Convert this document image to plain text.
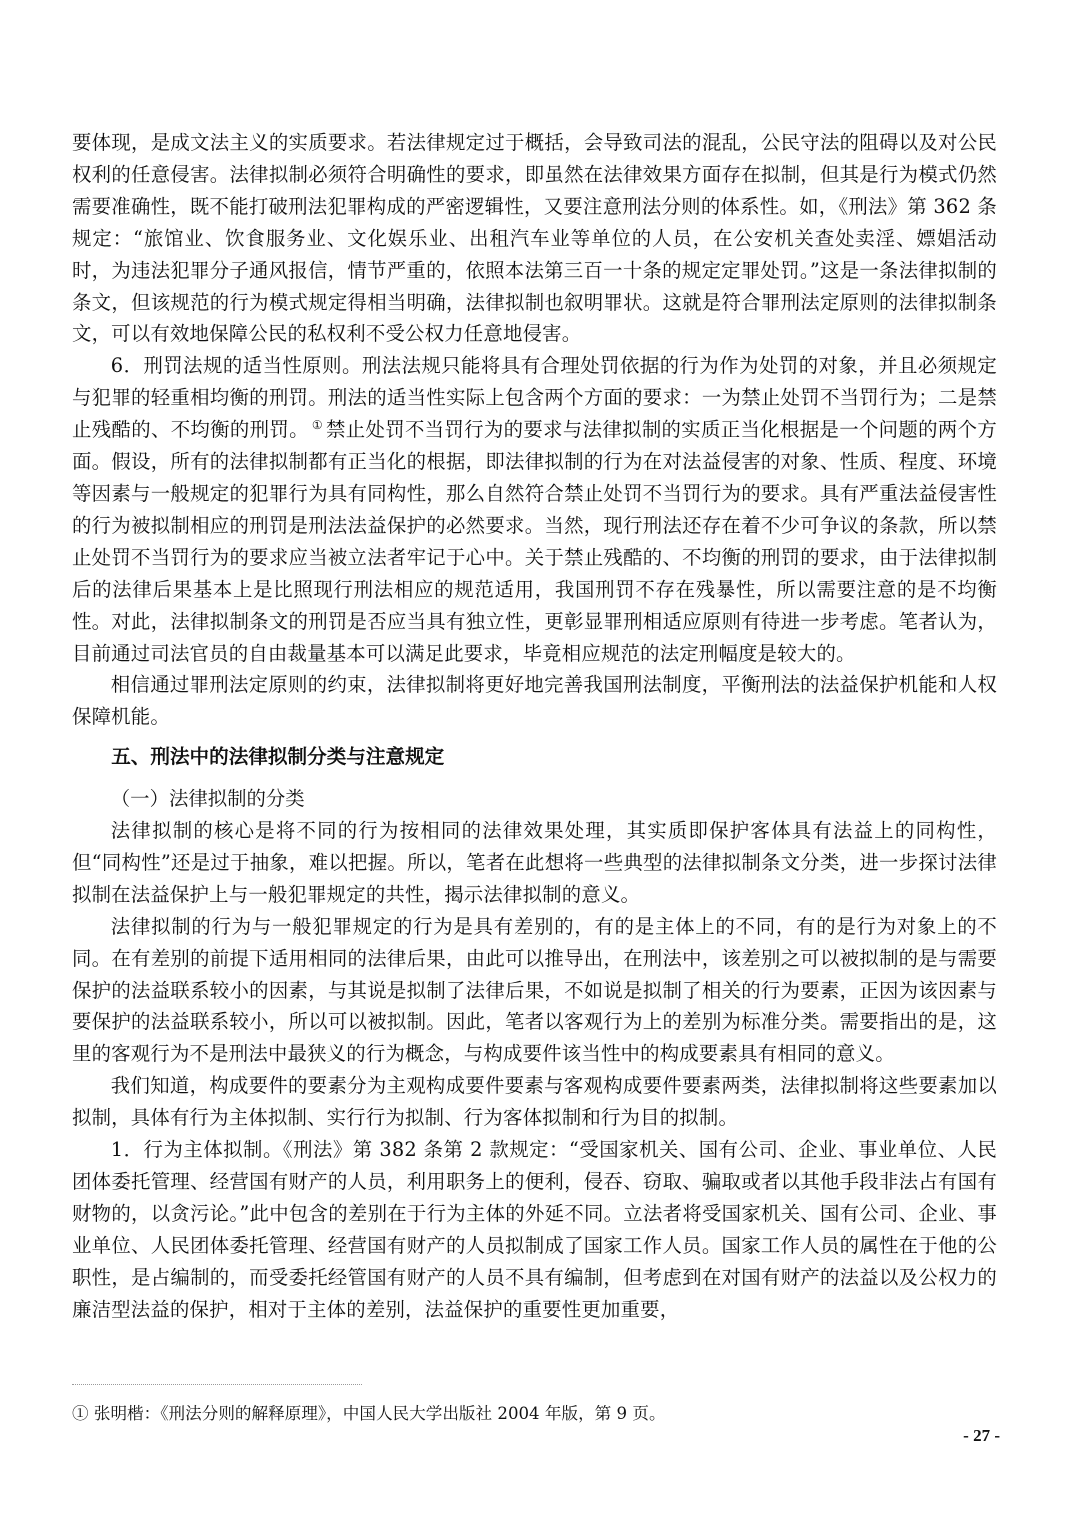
要体现，是成文法主义的实质要求。若法律规定过于概括，会导致司法的混乱，公民守法的阻碍以及对公民权利的任意侵害。法律拟制必须符合明确性的要求，即虽然在法律效果方面存在拟制，但其是行为模式仍然需要准确性，既不能打破刑法犯罪构成的严密逻辑性，又要注意刑法分则的体系性。如，《刑法》第 362 条规定：“旅馆业、饮食服务业、文化娱乐业、出租汽车业等单位的人员，在公安机关查处卖淫、嫖娼活动时，为违法犯罪分子通风报信，情节严重的，依照本法第三百一十条的规定定罪处罚。”这是一条法律拟制的条文，但该规范的行为模式规定得相当明确，法律拟制也叙明罪状。这就是符合罪刑法定原则的法律拟制条文，可以有效地保障公民的私权利不受公权力任意地侵害。

6．刑罚法规的适当性原则。刑法法规只能将具有合理处罚依据的行为作为处罚的对象，并且必须规定与犯罪的轻重相均衡的刑罚。刑法的适当性实际上包含两个方面的要求：一为禁止处罚不当罚行为；二是禁止残酷的、不均衡的刑罚。 ① 禁止处罚不当罚行为的要求与法律拟制的实质正当化根据是一个问题的两个方面。假设，所有的法律拟制都有正当化的根据，即法律拟制的行为在对法益侵害的对象、性质、程度、环境等因素与一般规定的犯罪行为具有同构性，那么自然符合禁止处罚不当罚行为的要求。具有严重法益侵害性的行为被拟制相应的刑罚是刑法法益保护的必然要求。当然，现行刑法还存在着不少可争议的条款，所以禁止处罚不当罚行为的要求应当被立法者牢记于心中。关于禁止残酷的、不均衡的刑罚的要求，由于法律拟制后的法律后果基本上是比照现行刑法相应的规范适用，我国刑罚不存在残暴性，所以需要注意的是不均衡性。对此，法律拟制条文的刑罚是否应当具有独立性，更彰显罪刑相适应原则有待进一步考虑。笔者认为，目前通过司法官员的自由裁量基本可以满足此要求，毕竟相应规范的法定刑幅度是较大的。

相信通过罪刑法定原则的约束，法律拟制将更好地完善我国刑法制度，平衡刑法的法益保护机能和人权保障机能。

五、刑法中的法律拟制分类与注意规定

（一）法律拟制的分类

法律拟制的核心是将不同的行为按相同的法律效果处理，其实质即保护客体具有法益上的同构性，但“同构性”还是过于抽象，难以把握。所以，笔者在此想将一些典型的法律拟制条文分类，进一步探讨法律拟制在法益保护上与一般犯罪规定的共性，揭示法律拟制的意义。

法律拟制的行为与一般犯罪规定的行为是具有差别的，有的是主体上的不同，有的是行为对象上的不同。在有差别的前提下适用相同的法律后果，由此可以推导出，在刑法中，该差别之可以被拟制的是与需要保护的法益联系较小的因素，与其说是拟制了法律后果，不如说是拟制了相关的行为要素，正因为该因素与要保护的法益联系较小，所以可以被拟制。因此，笔者以客观行为上的差别为标准分类。需要指出的是，这里的客观行为不是刑法中最狭义的行为概念，与构成要件该当性中的构成要素具有相同的意义。

我们知道，构成要件的要素分为主观构成要件要素与客观构成要件要素两类，法律拟制将这些要素加以拟制，具体有行为主体拟制、实行行为拟制、行为客体拟制和行为目的拟制。

1．行为主体拟制。《刑法》第 382 条第 2 款规定：“受国家机关、国有公司、企业、事业单位、人民团体委托管理、经营国有财产的人员，利用职务上的便利，侵吞、窃取、骗取或者以其他手段非法占有国有财物的，以贪污论。”此中包含的差别在于行为主体的外延不同。立法者将受国家机关、国有公司、企业、事业单位、人民团体委托管理、经营国有财产的人员拟制成了国家工作人员。国家工作人员的属性在于他的公职性，是占编制的，而受委托经管国有财产的人员不具有编制，但考虑到在对国有财产的法益以及公权力的廉洁型法益的保护，相对于主体的差别，法益保护的重要性更加重要，

① 张明楷：《刑法分则的解释原理》，中国人民大学出版社 2004 年版，第 9 页。
- 27 -
